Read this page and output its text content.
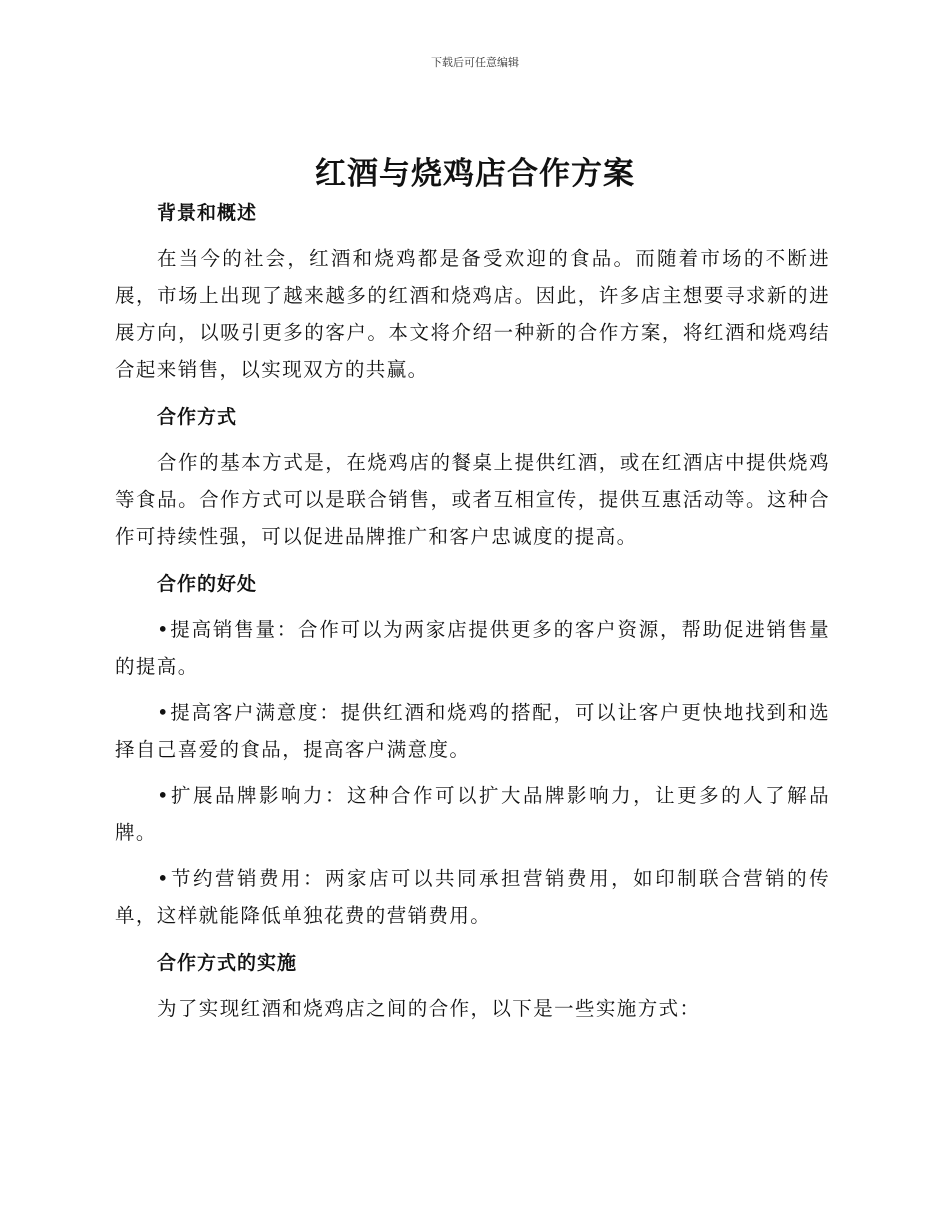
下载后可任意编辑
红酒与烧鸡店合作方案
背景和概述

在当今的社会，红酒和烧鸡都是备受欢迎的食品。而随着市场的不断进展，市场上出现了越来越多的红酒和烧鸡店。因此，许多店主想要寻求新的进展方向，以吸引更多的客户。本文将介绍一种新的合作方案，将红酒和烧鸡结合起来销售，以实现双方的共赢。

合作方式

合作的基本方式是，在烧鸡店的餐桌上提供红酒，或在红酒店中提供烧鸡等食品。合作方式可以是联合销售，或者互相宣传，提供互惠活动等。这种合作可持续性强，可以促进品牌推广和客户忠诚度的提高。

合作的好处

•提高销售量：合作可以为两家店提供更多的客户资源，帮助促进销售量的提高。

•提高客户满意度：提供红酒和烧鸡的搭配，可以让客户更快地找到和选择自己喜爱的食品，提高客户满意度。

•扩展品牌影响力：这种合作可以扩大品牌影响力，让更多的人了解品牌。

•节约营销费用：两家店可以共同承担营销费用，如印制联合营销的传单，这样就能降低单独花费的营销费用。

合作方式的实施

为了实现红酒和烧鸡店之间的合作，以下是一些实施方式：
